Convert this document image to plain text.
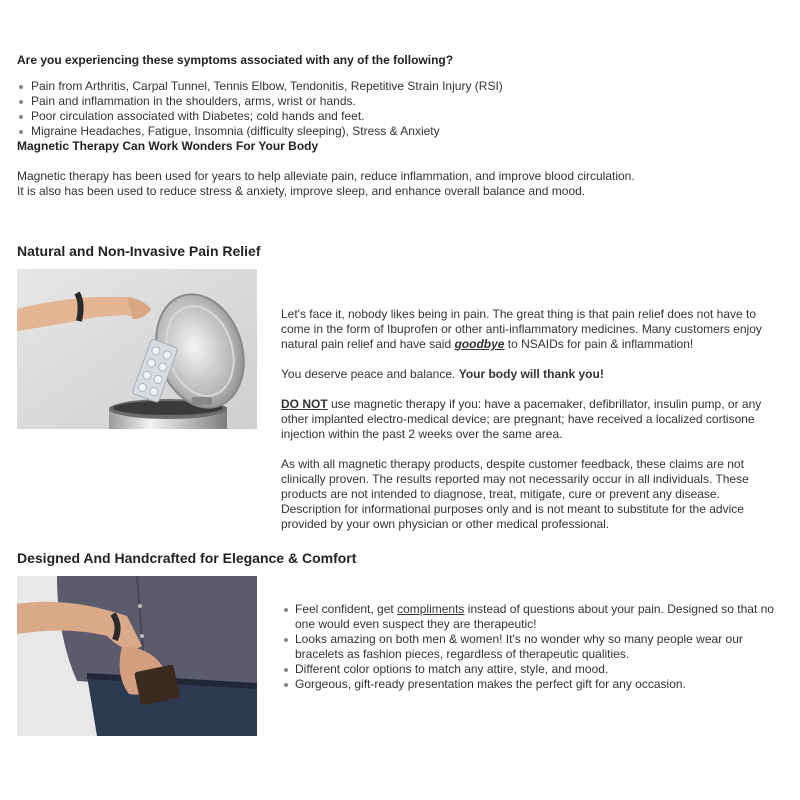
Are you experiencing these symptoms associated with any of the following?
Pain from Arthritis, Carpal Tunnel, Tennis Elbow, Tendonitis, Repetitive Strain Injury (RSI)
Pain and inflammation in the shoulders, arms, wrist or hands.
Poor circulation associated with Diabetes; cold hands and feet.
Migraine Headaches, Fatigue, Insomnia (difficulty sleeping), Stress & Anxiety
Magnetic Therapy Can Work Wonders For Your Body

Magnetic therapy has been used for years to help alleviate pain, reduce inflammation, and improve blood circulation.

It is also has been used to reduce stress & anxiety, improve sleep, and enhance overall balance and mood.

Natural and Non-Invasive Pain Relief

Let's face it, nobody likes being in pain. The great thing is that pain relief does not have to come in the form of Ibuprofen or other anti-inflammatory medicines. Many customers enjoy natural pain relief and have said goodbye to NSAIDs for pain & inflammation!

You deserve peace and balance. Your body will thank you!

DO NOT use magnetic therapy if you: have a pacemaker, defibrillator, insulin pump, or any other implanted electro-medical device; are pregnant; have received a localized cortisone injection within the past 2 weeks over the same area.

As with all magnetic therapy products, despite customer feedback, these claims are not clinically proven. The results reported may not necessarily occur in all individuals. These products are not intended to diagnose, treat, mitigate, cure or prevent any disease. Description for informational purposes only and is not meant to substitute for the advice provided by your own physician or other medical professional.

Designed And Handcrafted for Elegance & Comfort
Feel confident, get compliments instead of questions about your pain. Designed so that no one would even suspect they are therapeutic!
Looks amazing on both men & women! It's no wonder why so many people wear our bracelets as fashion pieces, regardless of therapeutic qualities.
Different color options to match any attire, style, and mood.
Gorgeous, gift-ready presentation makes the perfect gift for any occasion.
